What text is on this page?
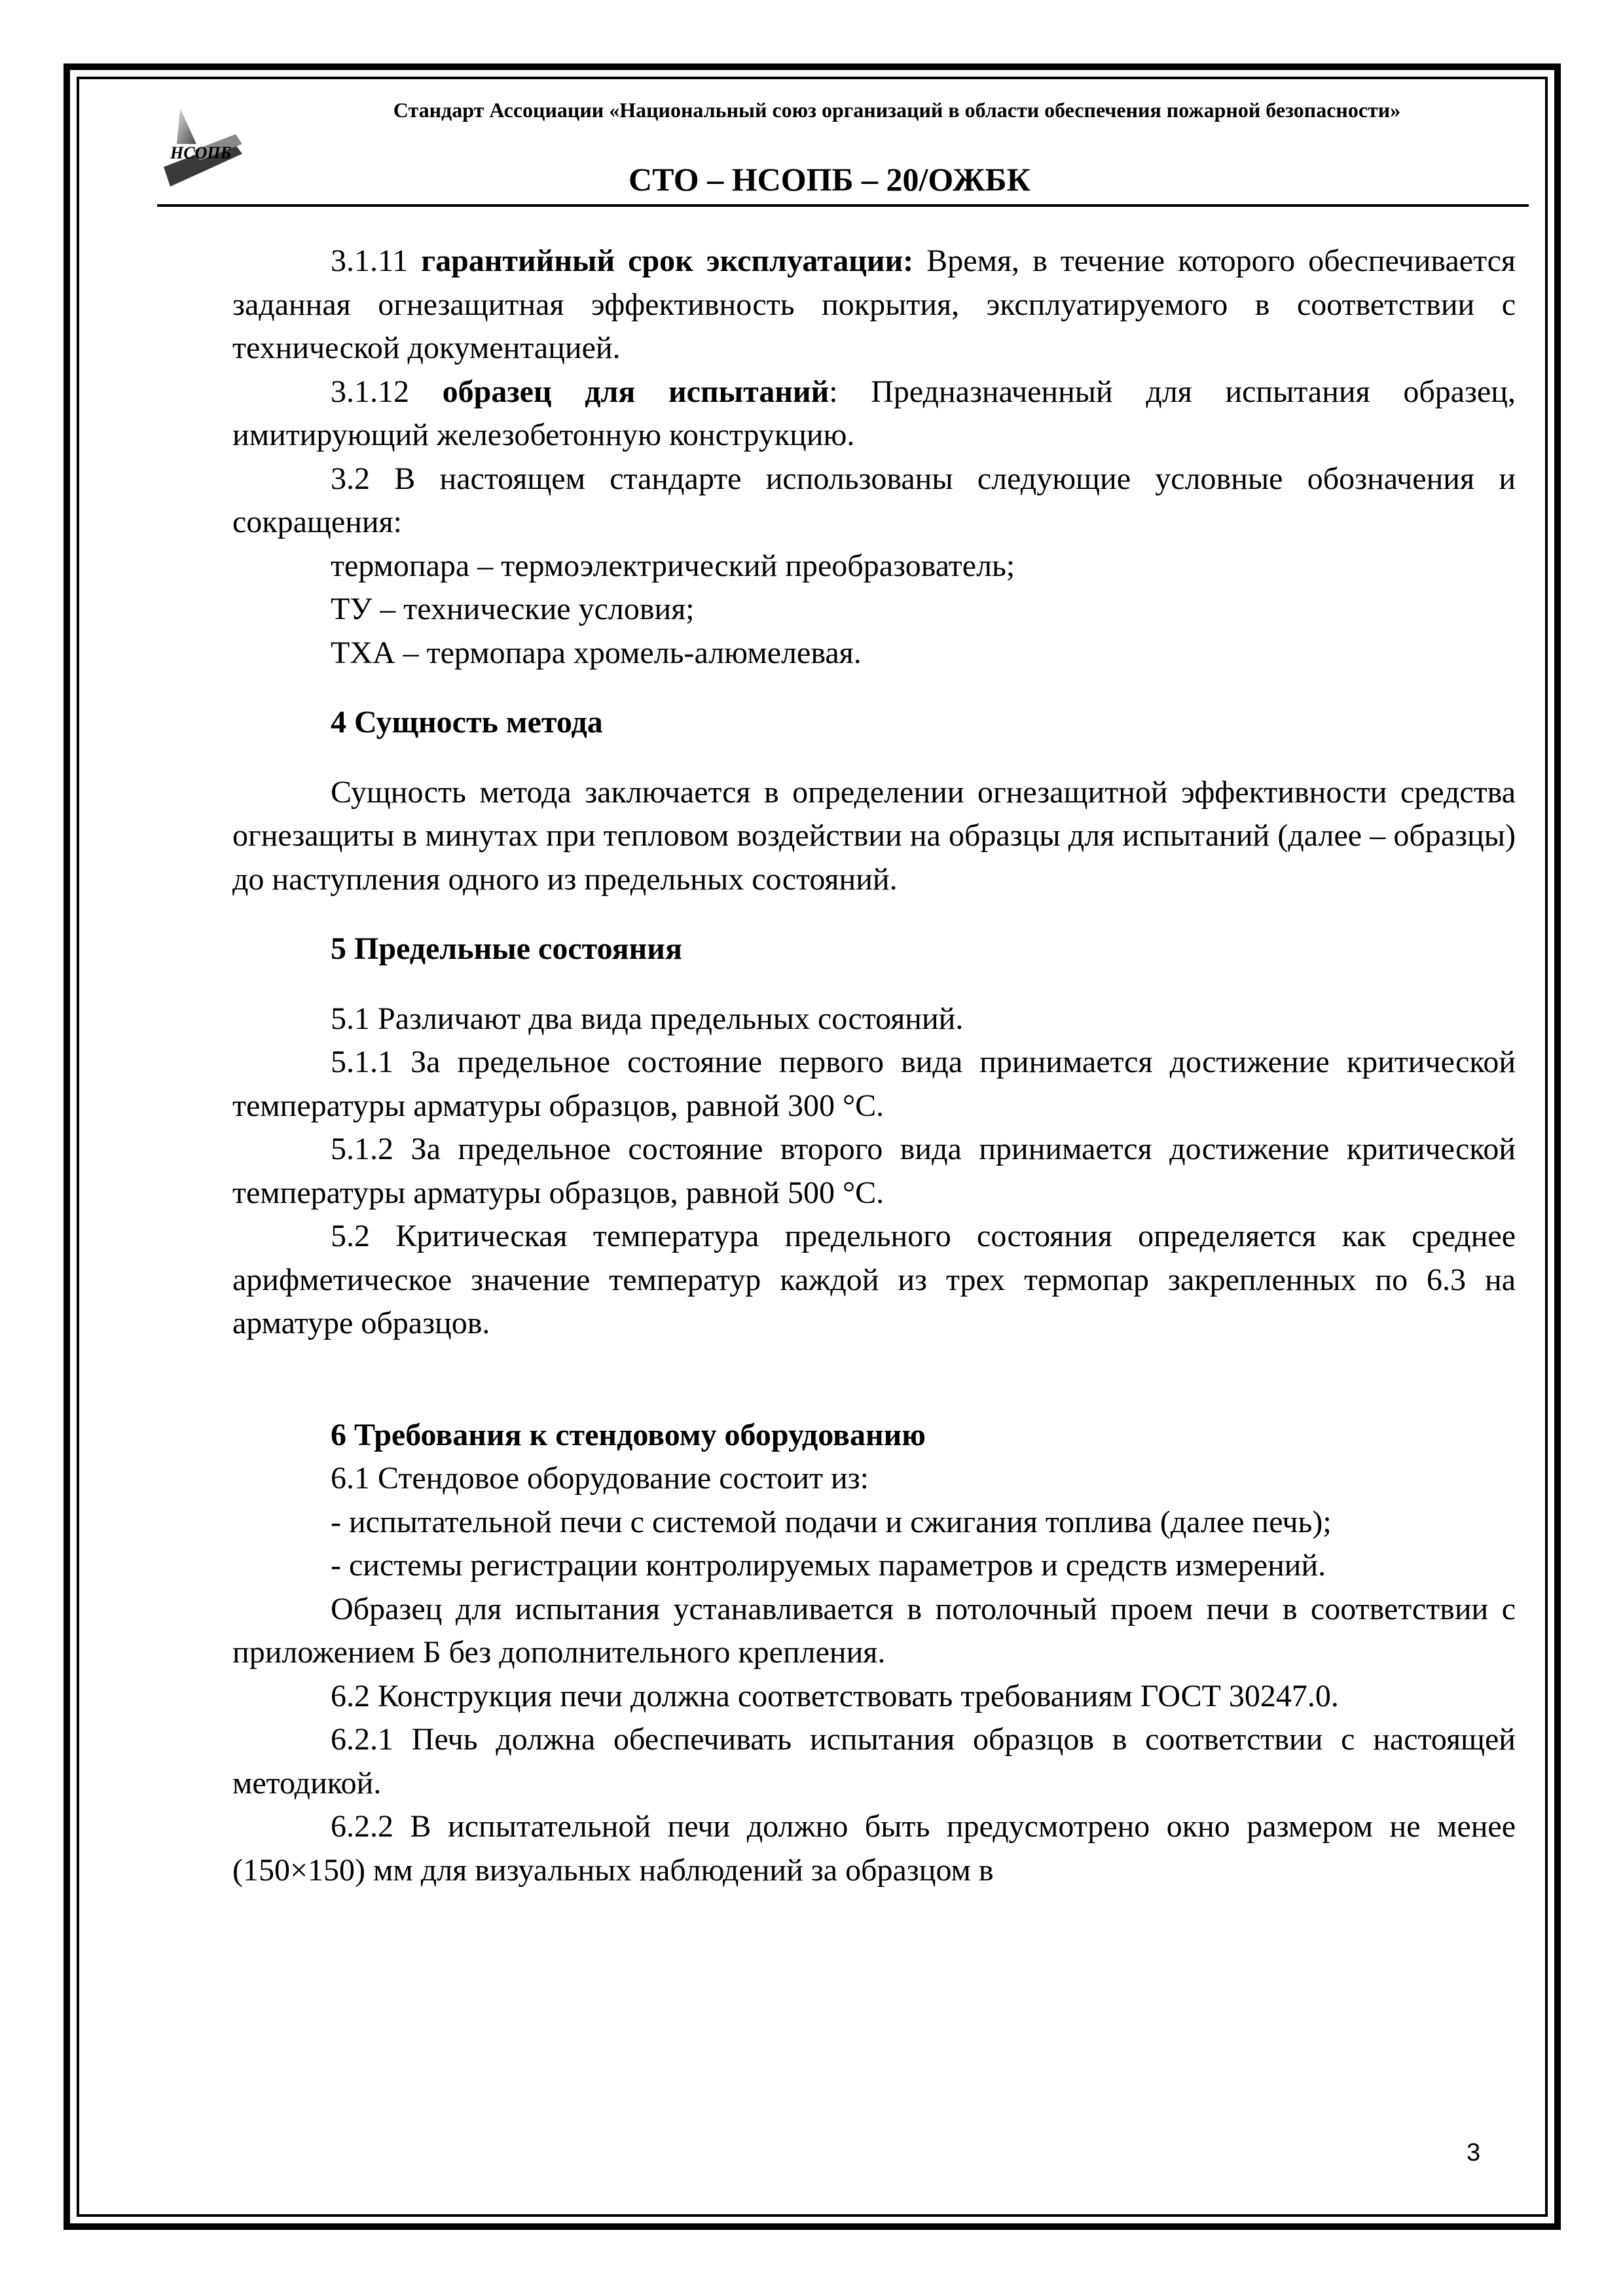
НСОПБ
Стандарт Ассоциации «Национальный союз организаций в области обеспечения пожарной безопасности»
СТО – НСОПБ – 20/ОЖБК

3.1.11 гарантийный срок эксплуатации: Время, в течение которого обеспечивается заданная огнезащитная эффективность покрытия, эксплуатируемого в соответствии с технической документацией.

3.1.12 образец для испытаний: Предназначенный для испытания образец, имитирующий железобетонную конструкцию.

3.2 В настоящем стандарте использованы следующие условные обозначения и сокращения:

термопара – термоэлектрический преобразователь;

ТУ – технические условия;

ТХА – термопара хромель-алюмелевая.

4 Сущность метода

Сущность метода заключается в определении огнезащитной эффективности средства огнезащиты в минутах при тепловом воздействии на образцы для испытаний (далее – образцы) до наступления одного из предельных состояний.

5 Предельные состояния

5.1 Различают два вида предельных состояний.

5.1.1 За предельное состояние первого вида принимается достижение критической температуры арматуры образцов, равной 300 °С.

5.1.2 За предельное состояние второго вида принимается достижение критической температуры арматуры образцов, равной 500 °С.

5.2 Критическая температура предельного состояния определяется как среднее арифметическое значение температур каждой из трех термопар закрепленных по 6.3 на арматуре образцов.

6 Требования к стендовому оборудованию

6.1 Стендовое оборудование состоит из:

- испытательной печи с системой подачи и сжигания топлива (далее печь);

- системы регистрации контролируемых параметров и средств измерений.

Образец для испытания устанавливается в потолочный проем печи в соответствии с приложением Б без дополнительного крепления.

6.2 Конструкция печи должна соответствовать требованиям ГОСТ 30247.0.

6.2.1 Печь должна обеспечивать испытания образцов в соответствии с настоящей методикой.

6.2.2 В испытательной печи должно быть предусмотрено окно размером не менее (150×150) мм для визуальных наблюдений за образцом в

3
